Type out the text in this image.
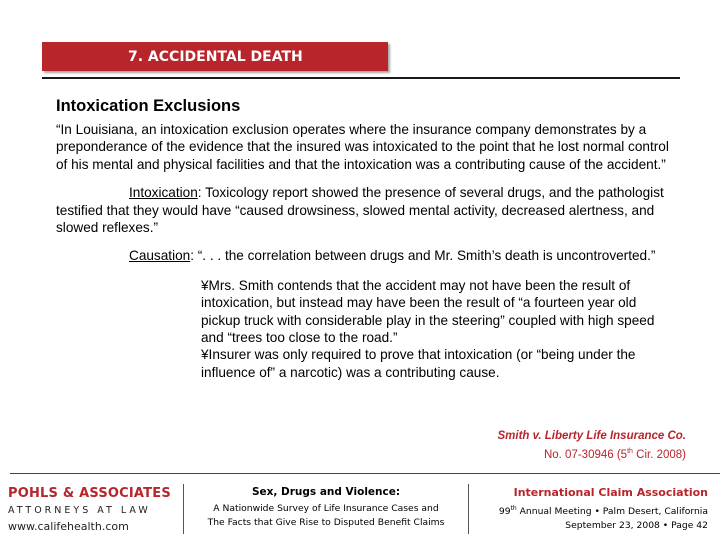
7. ACCIDENTAL DEATH
Intoxication Exclusions

“In Louisiana, an intoxication exclusion operates where the insurance company demonstrates by a preponderance of the evidence that the insured was intoxicated to the point that he lost normal control of his mental and physical facilities and that the intoxication was a contributing cause of the accident.”

Intoxication: Toxicology report showed the presence of several drugs, and the pathologist testified that they would have “caused drowsiness, slowed mental activity, decreased alertness, and slowed reflexes.”

Causation: “. . . the correlation between drugs and Mr. Smith’s death is uncontroverted.”

¥Mrs. Smith contends that the accident may not have been the result of intoxication, but instead may have been the result of “a fourteen year old pickup truck with considerable play in the steering” coupled with high speed and “trees too close to the road.”

¥Insurer was only required to prove that intoxication (or “being under the influence of” a narcotic) was a contributing cause.

Smith v. Liberty Life Insurance Co.
No. 07-30946 (5th Cir. 2008)
POHLS & ASSOCIATES
ATTORNEYS AT LAW
www.califehealth.com
Sex, Drugs and Violence:
A Nationwide Survey of Life Insurance Cases and
The Facts that Give Rise to Disputed Benefit Claims
International Claim Association
99th Annual Meeting • Palm Desert, California
September 23, 2008 • Page 42
